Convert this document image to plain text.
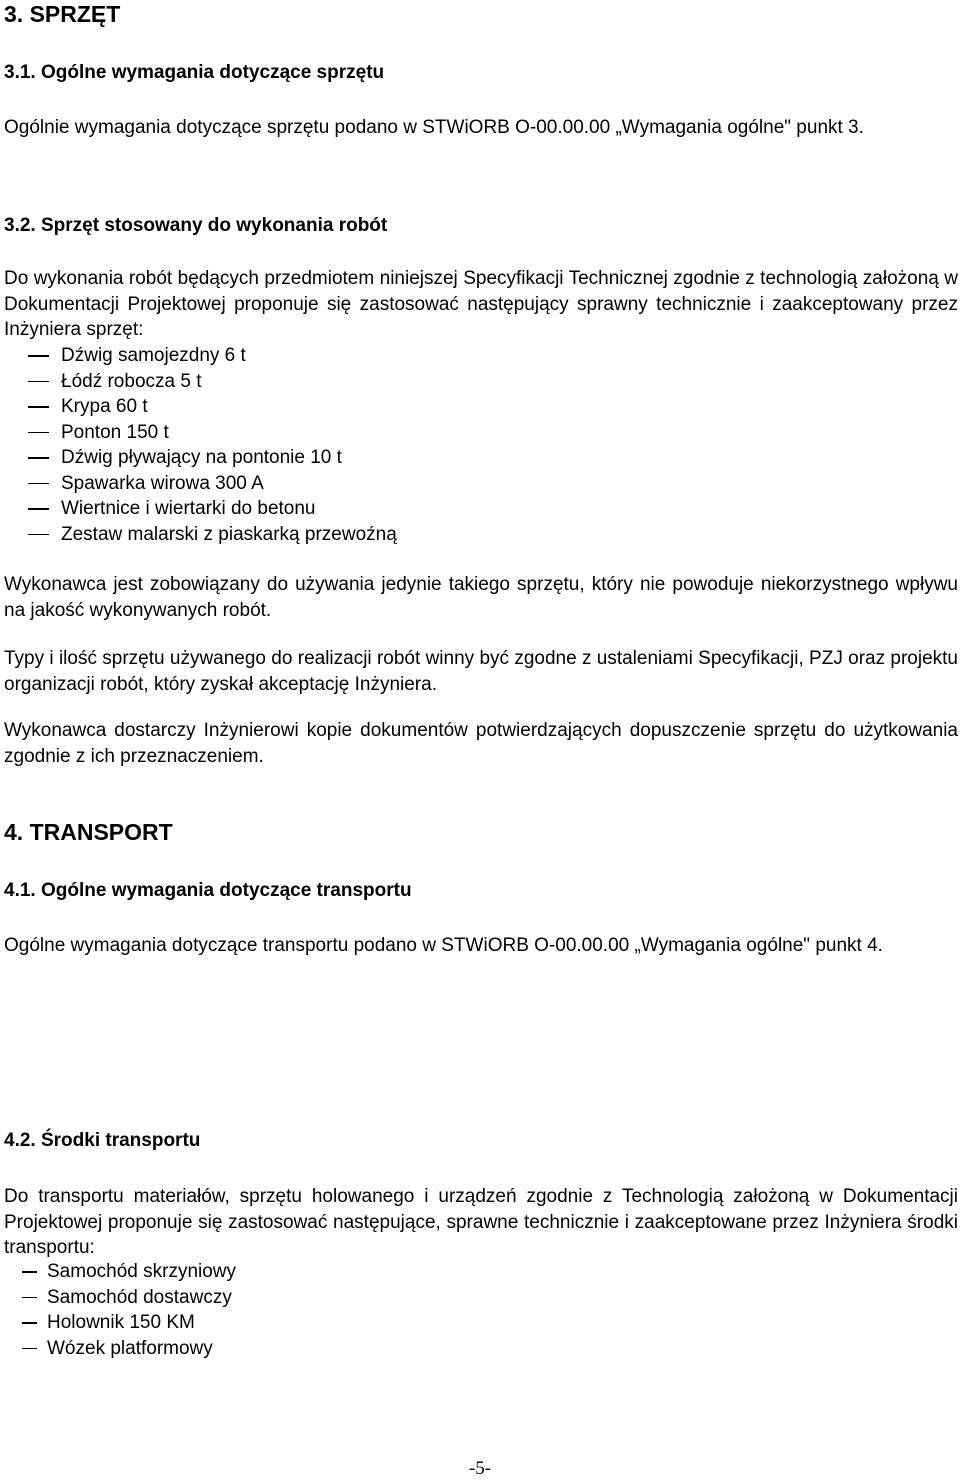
3. SPRZĘT
3.1. Ogólne wymagania dotyczące sprzętu
Ogólnie wymagania dotyczące sprzętu podano w STWiORB O-00.00.00 „Wymagania ogólne" punkt 3.
3.2. Sprzęt stosowany do wykonania robót
Do wykonania robót będących przedmiotem niniejszej Specyfikacji Technicznej zgodnie z technologią założoną w Dokumentacji Projektowej proponuje się zastosować następujący sprawny technicznie i zaakceptowany przez Inżyniera sprzęt:
Dźwig samojezdny 6 t
Łódź robocza 5 t
Krypa 60 t
Ponton 150 t
Dźwig pływający na pontonie 10 t
Spawarka wirowa 300 A
Wiertnice i wiertarki do betonu
Zestaw malarski z piaskarką przewoźną
Wykonawca jest zobowiązany do używania jedynie takiego sprzętu, który nie powoduje niekorzystnego wpływu na jakość wykonywanych robót.
Typy i ilość sprzętu używanego do realizacji robót winny być zgodne z ustaleniami Specyfikacji, PZJ oraz projektu organizacji robót, który zyskał akceptację Inżyniera.
Wykonawca dostarczy Inżynierowi kopie dokumentów potwierdzających dopuszczenie sprzętu do użytkowania zgodnie z ich przeznaczeniem.
4. TRANSPORT
4.1. Ogólne wymagania dotyczące transportu
Ogólne wymagania dotyczące transportu podano w STWiORB O-00.00.00 „Wymagania ogólne" punkt 4.
4.2. Środki transportu
Do transportu materiałów, sprzętu holowanego i urządzeń zgodnie z Technologią założoną w Dokumentacji Projektowej proponuje się zastosować następujące, sprawne technicznie i zaakceptowane przez Inżyniera środki transportu:
Samochód skrzyniowy
Samochód dostawczy
Holownik 150 KM
Wózek platformowy
-5-
